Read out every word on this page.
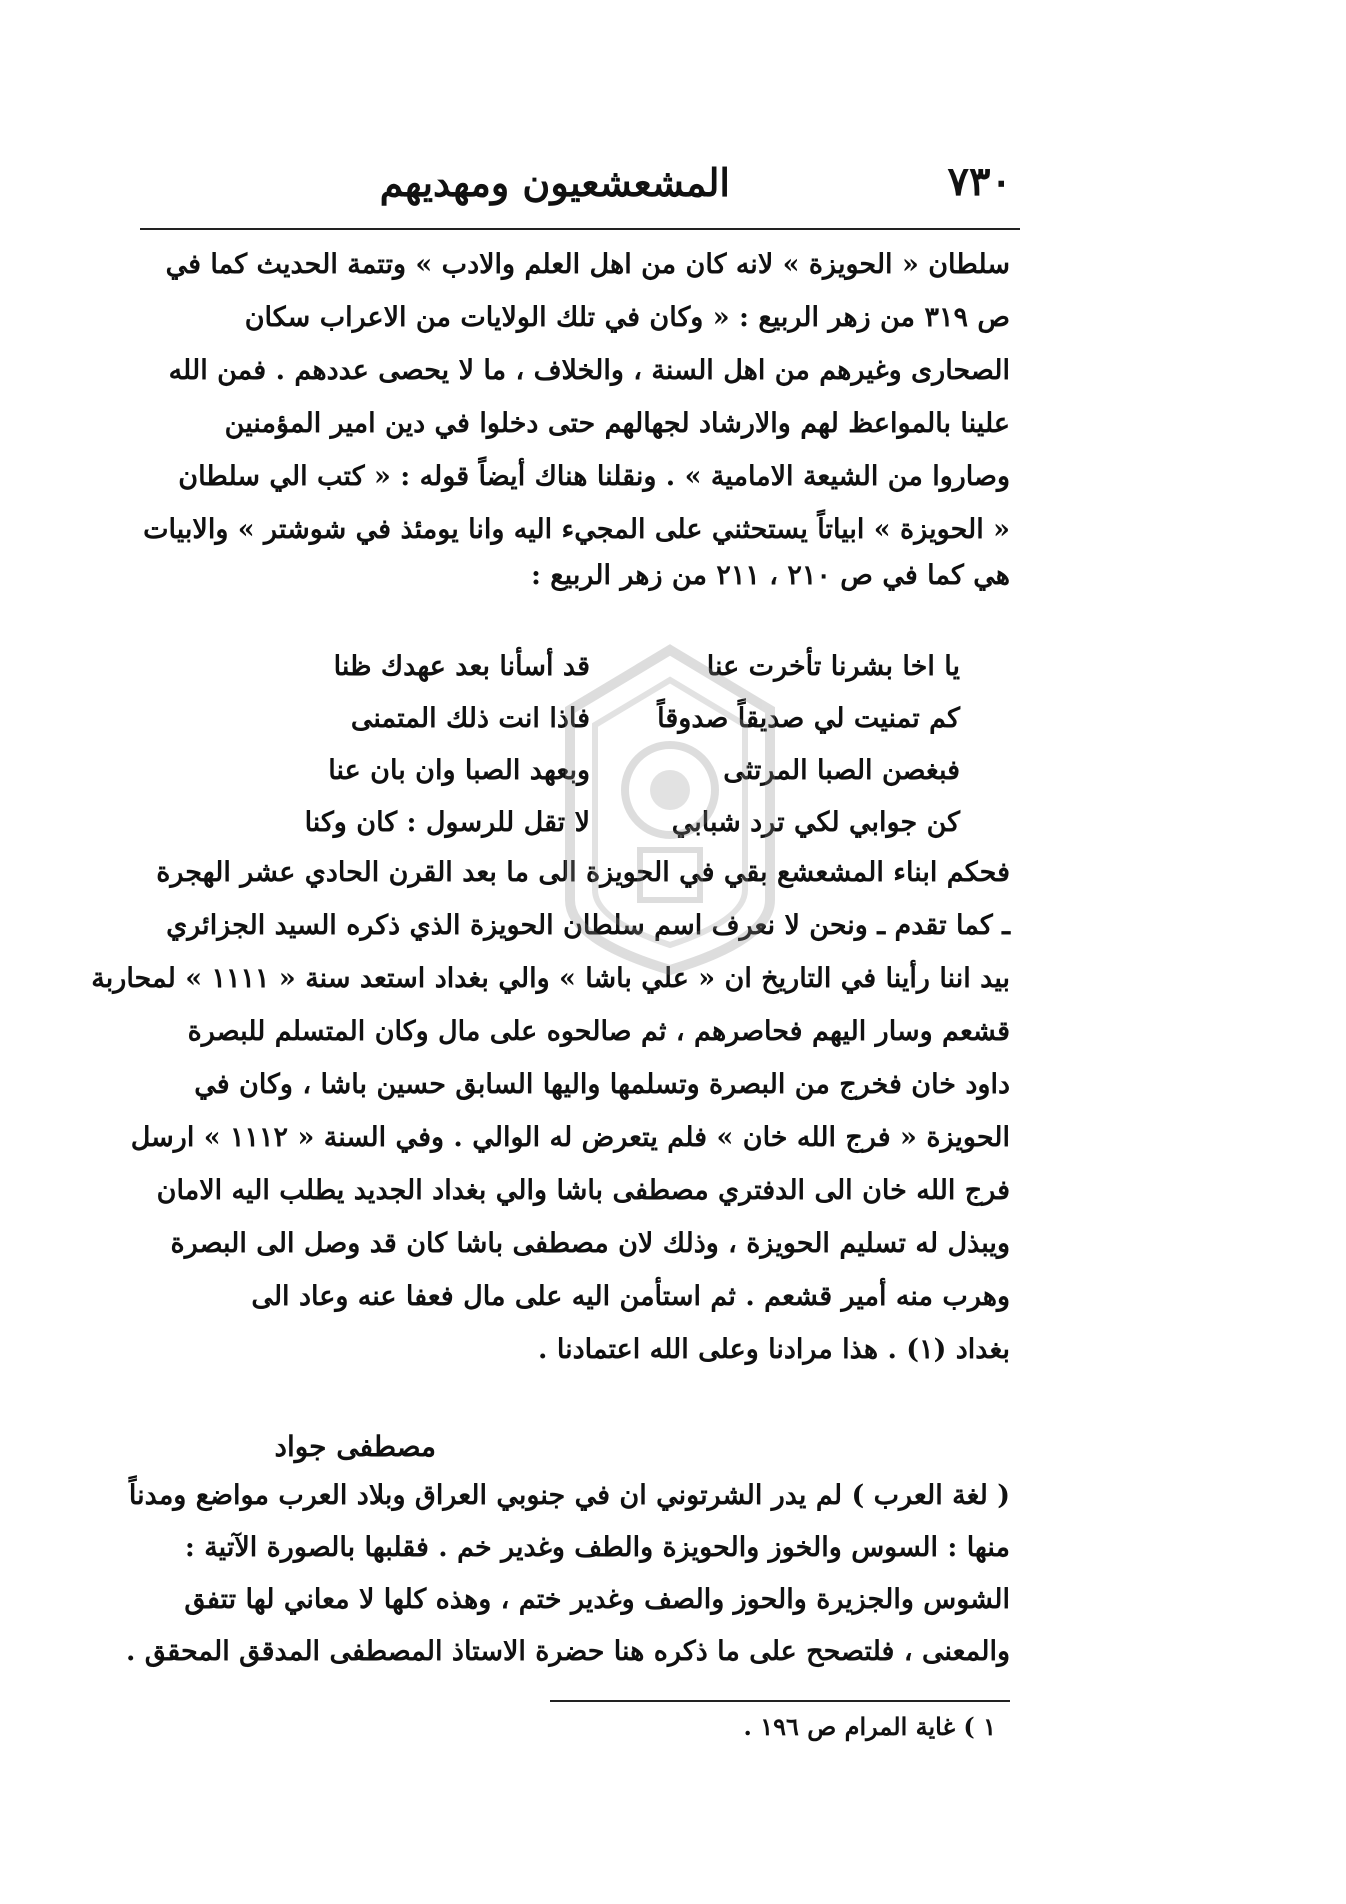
٧٣٠
المشعشعيون ومهديهم
سلطان « الحويزة » لانه كان من اهل العلم والادب » وتتمة الحديث كما في
ص ٣١٩ من زهر الربيع : « وكان في تلك الولايات من الاعراب سكان
الصحارى وغيرهم من اهل السنة ، والخلاف ، ما لا يحصى عددهم . فمن الله
علينا بالمواعظ لهم والارشاد لجهالهم حتى دخلوا في دين امير المؤمنين
وصاروا من الشيعة الامامية » . ونقلنا هناك أيضاً قوله : « كتب الي سلطان
« الحويزة » ابياتاً يستحثني على المجيء اليه وانا يومئذ في شوشتر » والابيات
هي كما في ص ٢١٠ ، ٢١١ من زهر الربيع :
يا اخا بشرنا تأخرت عنا
قد أسأنا بعد عهدك ظنا
كم تمنيت لي صديقاً صدوقاً
فاذا انت ذلك المتمنى
فبغصن الصبا المرتثى
وبعهد الصبا وان بان عنا
كن جوابي لكي ترد شبابي
لا تقل للرسول : كان وكنا
فحكم ابناء المشعشع بقي في الحويزة الى ما بعد القرن الحادي عشر الهجرة
ـ كما تقدم ـ ونحن لا نعرف اسم سلطان الحويزة الذي ذكره السيد الجزائري
بيد اننا رأينا في التاريخ ان « علي باشا » والي بغداد استعد سنة « ١١١١ » لمحاربة
قشعم وسار اليهم فحاصرهم ، ثم صالحوه على مال وكان المتسلم للبصرة
داود خان فخرج من البصرة وتسلمها واليها السابق حسين باشا ، وكان في
الحويزة « فرج الله خان » فلم يتعرض له الوالي . وفي السنة « ١١١٢ » ارسل
فرج الله خان الى الدفتري مصطفى باشا والي بغداد الجديد يطلب اليه الامان
ويبذل له تسليم الحويزة ، وذلك لان مصطفى باشا كان قد وصل الى البصرة
وهرب منه أمير قشعم . ثم استأمن اليه على مال فعفا عنه وعاد الى
بغداد (١) . هذا مرادنا وعلى الله اعتمادنا .
مصطفى جواد
( لغة العرب ) لم يدر الشرتوني ان في جنوبي العراق وبلاد العرب مواضع ومدناً
منها : السوس والخوز والحويزة والطف وغدير خم . فقلبها بالصورة الآتية :
الشوس والجزيرة والحوز والصف وغدير ختم ، وهذه كلها لا معاني لها تتفق
والمعنى ، فلتصحح على ما ذكره هنا حضرة الاستاذ المصطفى المدقق المحقق .
١ ) غاية المرام ص ١٩٦ .
